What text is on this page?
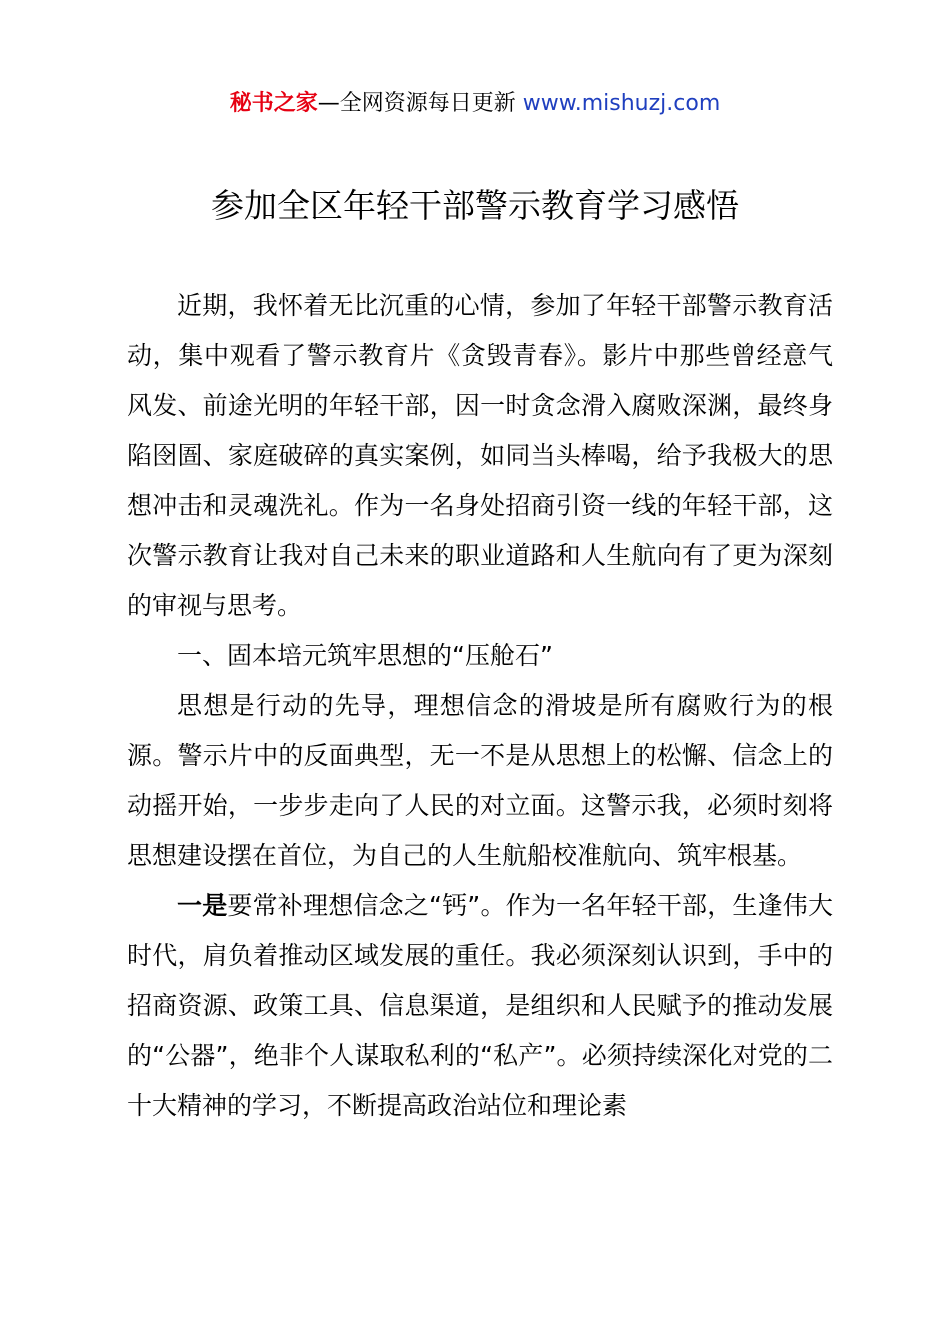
秘书之家—全网资源每日更新 www.mishuzj.com
参加全区年轻干部警示教育学习感悟

近期，我怀着无比沉重的心情，参加了年轻干部警示教育活动，集中观看了警示教育片《贪毁青春》。影片中那些曾经意气风发、前途光明的年轻干部，因一时贪念滑入腐败深渊，最终身陷囹圄、家庭破碎的真实案例，如同当头棒喝，给予我极大的思想冲击和灵魂洗礼。作为一名身处招商引资一线的年轻干部，这次警示教育让我对自己未来的职业道路和人生航向有了更为深刻的审视与思考。

一、固本培元筑牢思想的“压舱石”

思想是行动的先导，理想信念的滑坡是所有腐败行为的根源。警示片中的反面典型，无一不是从思想上的松懈、信念上的动摇开始，一步步走向了人民的对立面。这警示我，必须时刻将思想建设摆在首位，为自己的人生航船校准航向、筑牢根基。

一是要常补理想信念之“钙”。作为一名年轻干部，生逢伟大时代，肩负着推动区域发展的重任。我必须深刻认识到，手中的招商资源、政策工具、信息渠道，是组织和人民赋予的推动发展的“公器”，绝非个人谋取私利的“私产”。必须持续深化对党的二十大精神的学习，不断提高政治站位和理论素
